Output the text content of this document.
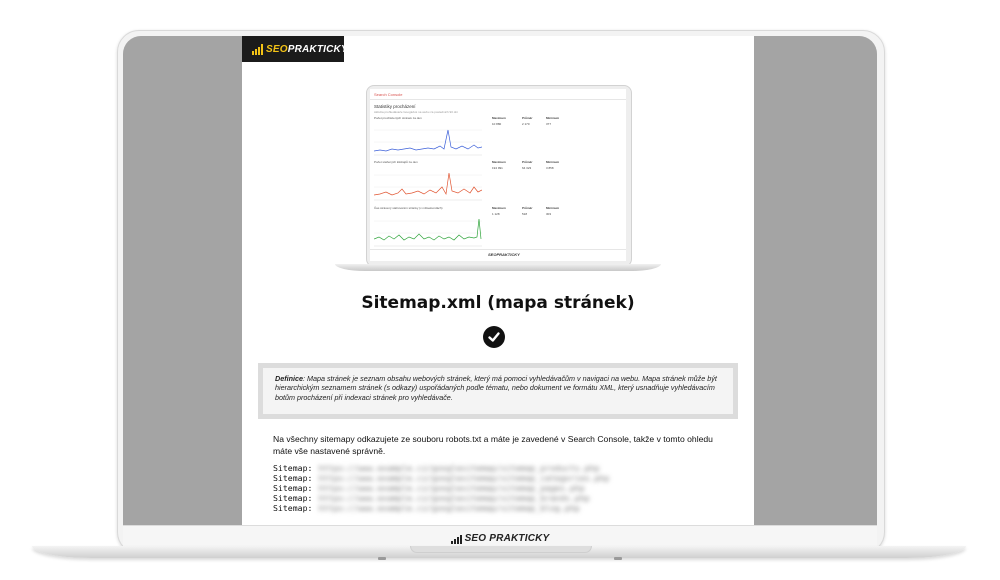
SEOPRAKTICKY
Search Console
Statistiky procházení
Aktivita prohledávače Googlebot na webu za posledních 90 dní
Počet procházených stránek za den	Maximum	Průměr	Minimum
10 880	2 170	377
Počet stažených kilobajtů za den	Maximum	Průměr	Minimum
194 991	64 323	3 858
Čas strávený stahováním stránky (v milisekundách)	Maximum	Průměr	Minimum
1 128	518	303
SEOPRAKTICKY
Sitemap.xml (mapa stránek)
Definice: Mapa stránek je seznam obsahu webových stránek, který má pomoci vyhledávačům v navigaci na webu. Mapa stránek může být hierarchickým seznamem stránek (s odkazy) uspořádaných podle tématu, nebo dokument ve formátu XML, který usnadňuje vyhledávacím botům procházení při indexaci stránek pro vyhledávače.
Na všechny sitemapy odkazujete ze souboru robots.txt a máte je zavedené v Search Console, takže v tomto ohledu máte vše nastavené správně.
Sitemap: https://www.example.cz/googlesitemap/sitemap_products.php
Sitemap: https://www.example.cz/googlesitemap/sitemap_categories.php
Sitemap: https://www.example.cz/googlesitemap/sitemap_pages.php
Sitemap: https://www.example.cz/googlesitemap/sitemap_brands.php
Sitemap: https://www.example.cz/googlesitemap/sitemap_blog.php
SEO PRAKTICKY
